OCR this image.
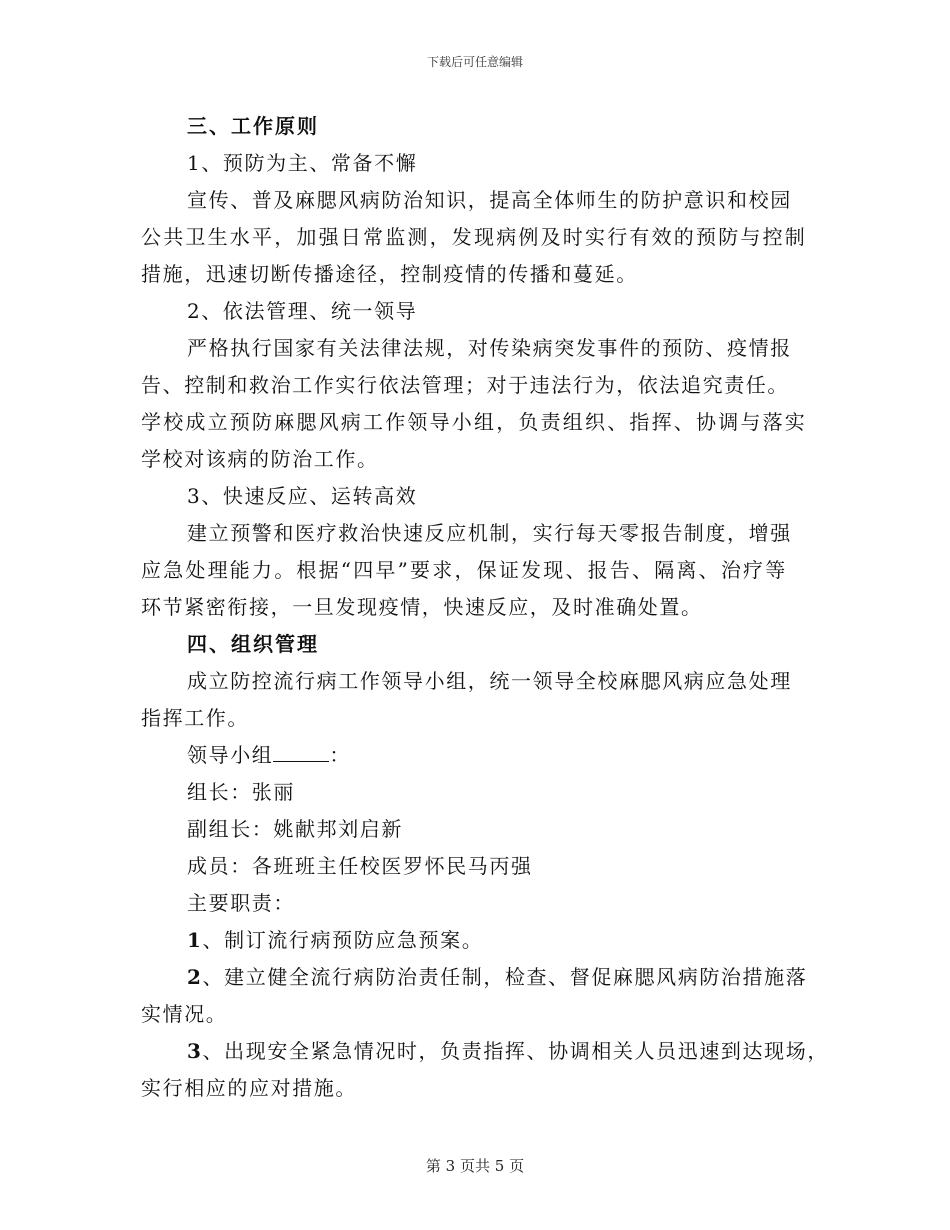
下载后可任意编辑
三、工作原则
1、预防为主、常备不懈
宣传、普及麻腮风病防治知识，提高全体师生的防护意识和校园
公共卫生水平，加强日常监测，发现病例及时实行有效的预防与控制
措施，迅速切断传播途径，控制疫情的传播和蔓延。
2、依法管理、统一领导
严格执行国家有关法律法规，对传染病突发事件的预防、疫情报
告、控制和救治工作实行依法管理；对于违法行为，依法追究责任。
学校成立预防麻腮风病工作领导小组，负责组织、指挥、协调与落实
学校对该病的防治工作。
3、快速反应、运转高效
建立预警和医疗救治快速反应机制，实行每天零报告制度，增强
应急处理能力。根据“四早”要求，保证发现、报告、隔离、治疗等
环节紧密衔接，一旦发现疫情，快速反应，及时准确处置。
四、组织管理
成立防控流行病工作领导小组，统一领导全校麻腮风病应急处理
指挥工作。
领导小组	：
组长：张丽
副组长：姚献邦刘启新
成员：各班班主任校医罗怀民马丙强
主要职责：
1、制订流行病预防应急预案。
2、建立健全流行病防治责任制，检查、督促麻腮风病防治措施落
实情况。
3、出现安全紧急情况时，负责指挥、协调相关人员迅速到达现场，
实行相应的应对措施。
第 3 页共 5 页
